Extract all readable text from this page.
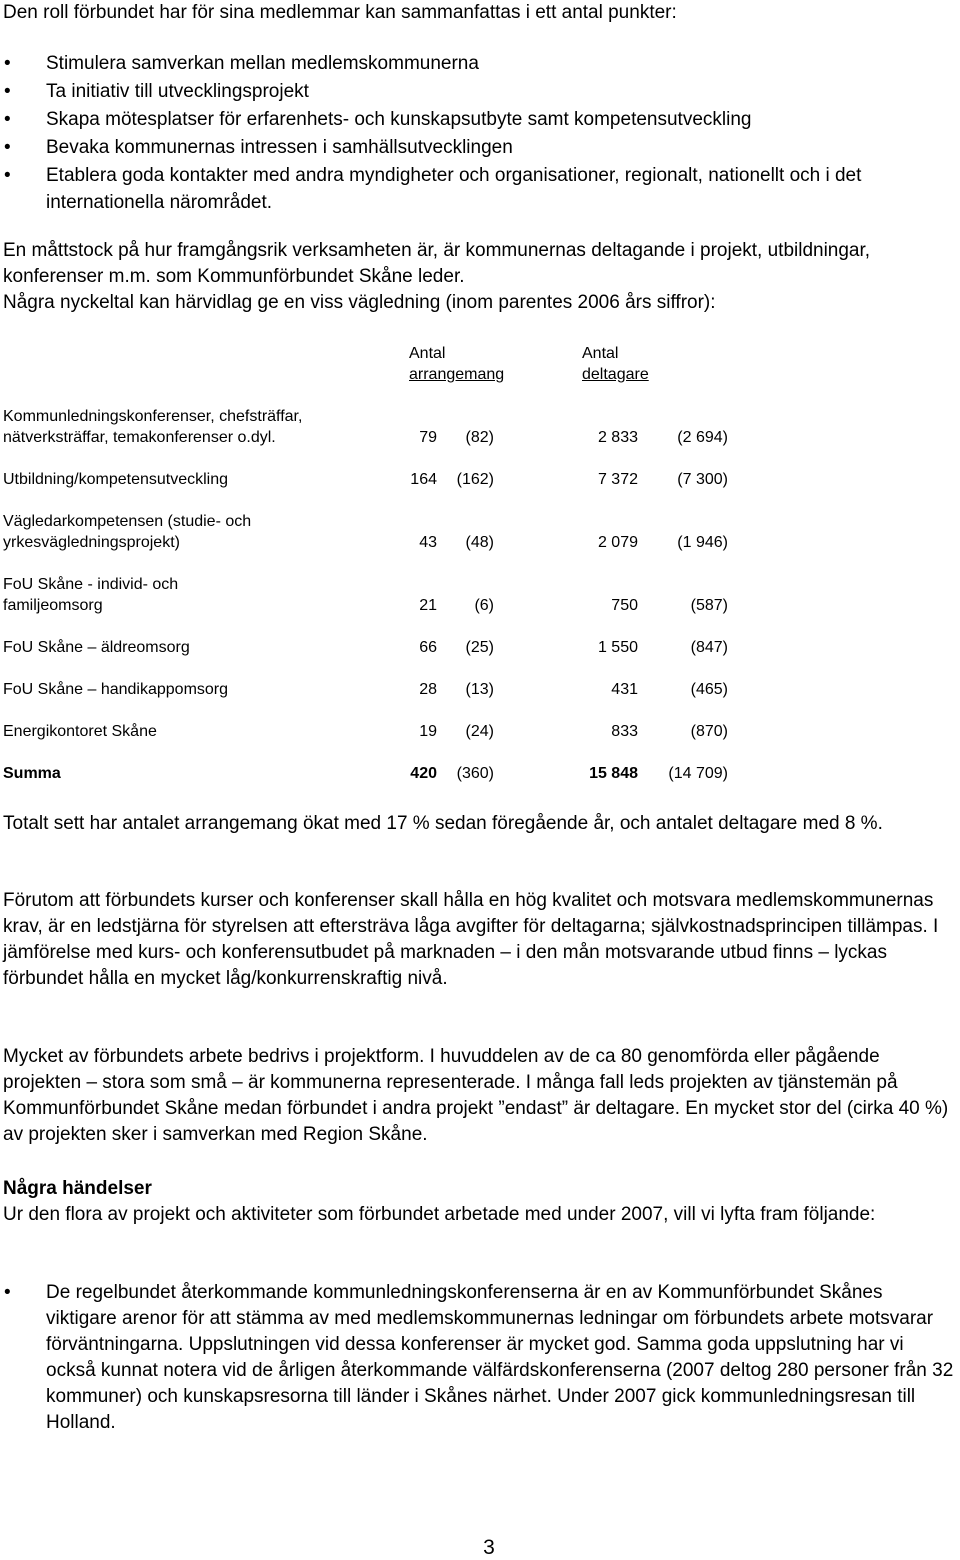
Den roll förbundet har för sina medlemmar kan sammanfattas i ett antal punkter:

• Stimulera samverkan mellan medlemskommunerna
• Ta initiativ till utvecklingsprojekt
• Skapa mötesplatser för erfarenhets- och kunskapsutbyte samt kompetensutveckling
• Bevaka kommunernas intressen i samhällsutvecklingen
• Etablera goda kontakter med andra myndigheter och organisationer, regionalt, nationellt och i det internationella närområdet.

En måttstock på hur framgångsrik verksamheten är, är kommunernas deltagande i projekt, utbildningar, konferenser m.m. som Kommunförbundet Skåne leder.

Några nyckeltal kan härvidlag ge en viss vägledning (inom parentes 2006 års siffror):

Antal
arrangemang
Antal
deltagare
Kommunledningskonferenser, chefsträffar,
nätverksträffar, temakonferenser o.dyl.	79	(82)	2 833	(2 694)
Utbildning/kompetensutveckling	164	(162)	7 372	(7 300)
Vägledarkompetensen (studie- och
yrkesvägledningsprojekt)	43	(48)	2 079	(1 946)
FoU Skåne - individ- och
familjeomsorg	21	(6)	750	(587)
FoU Skåne – äldreomsorg	66	(25)	1 550	(847)
FoU Skåne – handikappomsorg	28	(13)	431	(465)
Energikontoret Skåne	19	(24)	833	(870)
Summa	420	(360)	15 848	(14 709)

Totalt sett har antalet arrangemang ökat med 17 % sedan föregående år, och antalet deltagare med 8 %.

Förutom att förbundets kurser och konferenser skall hålla en hög kvalitet och motsvara medlemskommunernas krav, är en ledstjärna för styrelsen att eftersträva låga avgifter för deltagarna; självkostnadsprincipen tillämpas. I jämförelse med kurs- och konferensutbudet på marknaden – i den mån motsvarande utbud finns – lyckas förbundet hålla en mycket låg/konkurrenskraftig nivå.

Mycket av förbundets arbete bedrivs i projektform. I huvuddelen av de ca 80 genomförda eller pågående projekten – stora som små – är kommunerna representerade. I många fall leds projekten av tjänstemän på Kommunförbundet Skåne medan förbundet i andra projekt ”endast” är deltagare. En mycket stor del (cirka 40 %) av projekten sker i samverkan med Region Skåne.

Några händelser

Ur den flora av projekt och aktiviteter som förbundet arbetade med under 2007, vill vi lyfta fram följande:

• De regelbundet återkommande kommunledningskonferenserna är en av Kommunförbundet Skånes viktigare arenor för att stämma av med medlemskommunernas ledningar om förbundets arbete motsvarar förväntningarna. Uppslutningen vid dessa konferenser är mycket god. Samma goda uppslutning har vi också kunnat notera vid de årligen återkommande välfärdskonferenserna (2007 deltog 280 personer från 32 kommuner) och kunskapsresorna till länder i Skånes närhet. Under 2007 gick kommunledningsresan till Holland.
3
